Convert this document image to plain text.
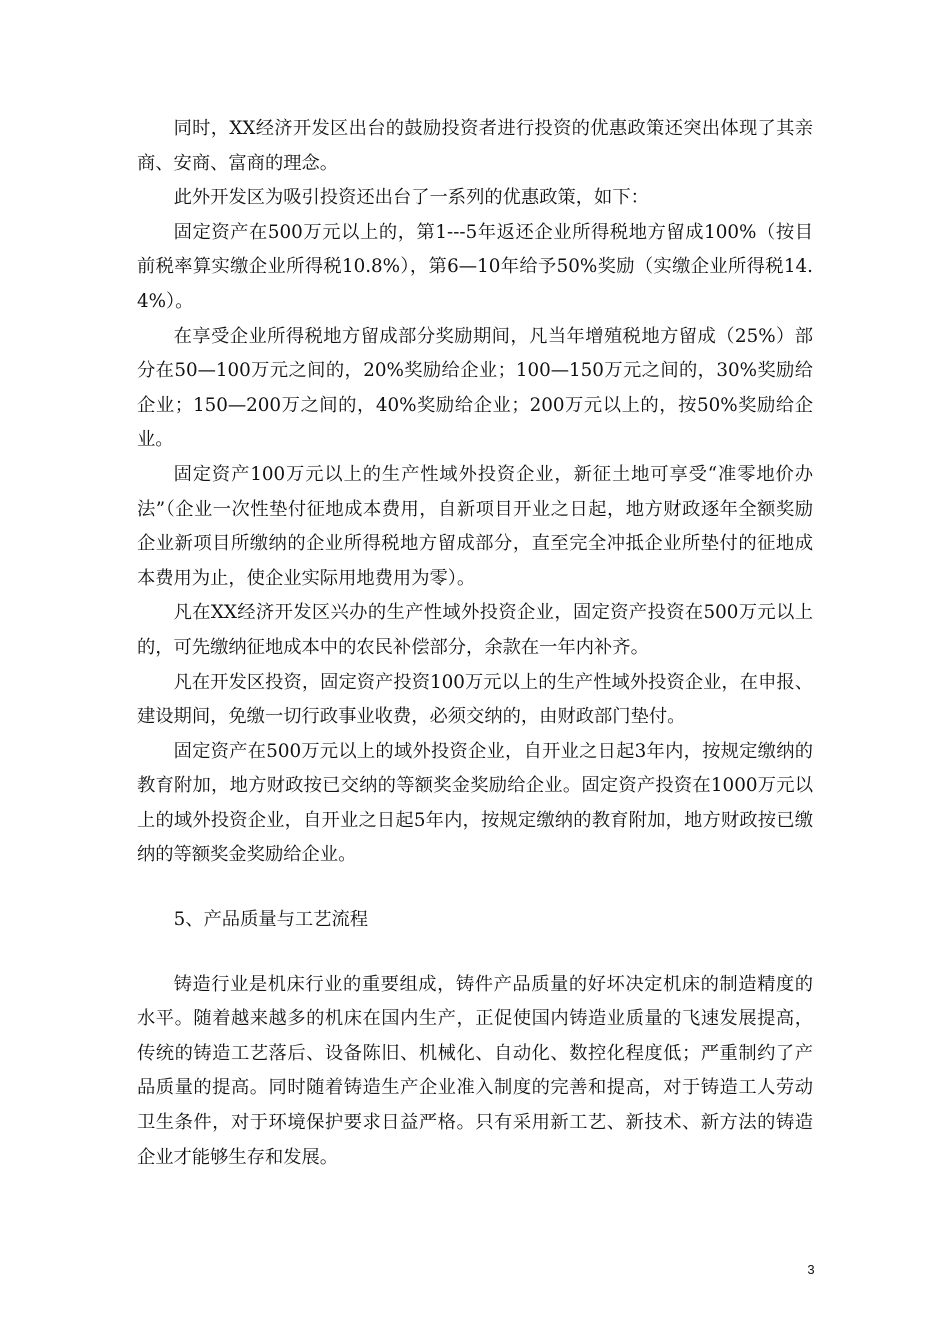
同时，XX经济开发区出台的鼓励投资者进行投资的优惠政策还突出体现了其亲商、安商、富商的理念。

此外开发区为吸引投资还出台了一系列的优惠政策，如下：

固定资产在500万元以上的，第1---5年返还企业所得税地方留成100%（按目前税率算实缴企业所得税10.8%），第6—10年给予50%奖励（实缴企业所得税14.4%）。

在享受企业所得税地方留成部分奖励期间，凡当年增殖税地方留成（25%）部分在50—100万元之间的，20%奖励给企业；100—150万元之间的，30%奖励给企业；150—200万之间的，40%奖励给企业；200万元以上的，按50%奖励给企业。

固定资产100万元以上的生产性域外投资企业，新征土地可享受“准零地价办法”（企业一次性垫付征地成本费用，自新项目开业之日起，地方财政逐年全额奖励企业新项目所缴纳的企业所得税地方留成部分，直至完全冲抵企业所垫付的征地成本费用为止，使企业实际用地费用为零）。

凡在XX经济开发区兴办的生产性域外投资企业，固定资产投资在500万元以上的，可先缴纳征地成本中的农民补偿部分，余款在一年内补齐。

凡在开发区投资，固定资产投资100万元以上的生产性域外投资企业，在申报、建设期间，免缴一切行政事业收费，必须交纳的，由财政部门垫付。

固定资产在500万元以上的域外投资企业，自开业之日起3年内，按规定缴纳的教育附加，地方财政按已交纳的等额奖金奖励给企业。固定资产投资在1000万元以上的域外投资企业，自开业之日起5年内，按规定缴纳的教育附加，地方财政按已缴纳的等额奖金奖励给企业。

5、产品质量与工艺流程

铸造行业是机床行业的重要组成，铸件产品质量的好坏决定机床的制造精度的水平。随着越来越多的机床在国内生产，正促使国内铸造业质量的飞速发展提高，传统的铸造工艺落后、设备陈旧、机械化、自动化、数控化程度低；严重制约了产品质量的提高。同时随着铸造生产企业准入制度的完善和提高，对于铸造工人劳动卫生条件，对于环境保护要求日益严格。只有采用新工艺、新技术、新方法的铸造企业才能够生存和发展。

3
